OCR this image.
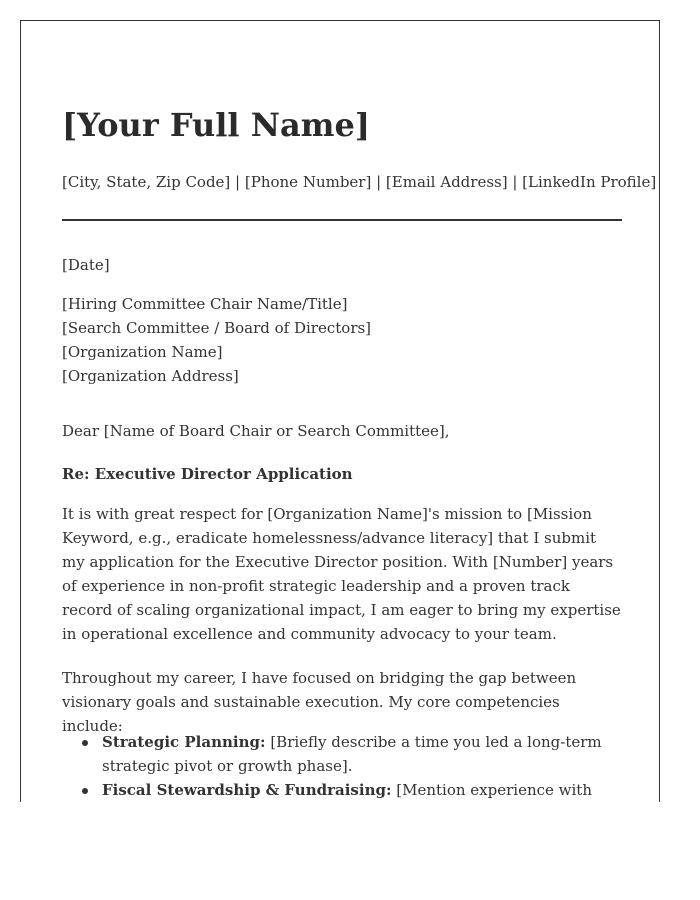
[Your Full Name]
[City, State, Zip Code] | [Phone Number] | [Email Address] | [LinkedIn Profile]
[Date]
[Hiring Committee Chair Name/Title]
[Search Committee / Board of Directors]
[Organization Name]
[Organization Address]
Dear [Name of Board Chair or Search Committee],
Re: Executive Director Application

It is with great respect for [Organization Name]'s mission to [Mission Keyword, e.g., eradicate homelessness/advance literacy] that I submit my application for the Executive Director position. With [Number] years of experience in non-profit strategic leadership and a proven track record of scaling organizational impact, I am eager to bring my expertise in operational excellence and community advocacy to your team.

Throughout my career, I have focused on bridging the gap between visionary goals and sustainable execution. My core competencies include:

Strategic Planning: [Briefly describe a time you led a long-term strategic pivot or growth phase].
Fiscal Stewardship & Fundraising: [Mention experience with
